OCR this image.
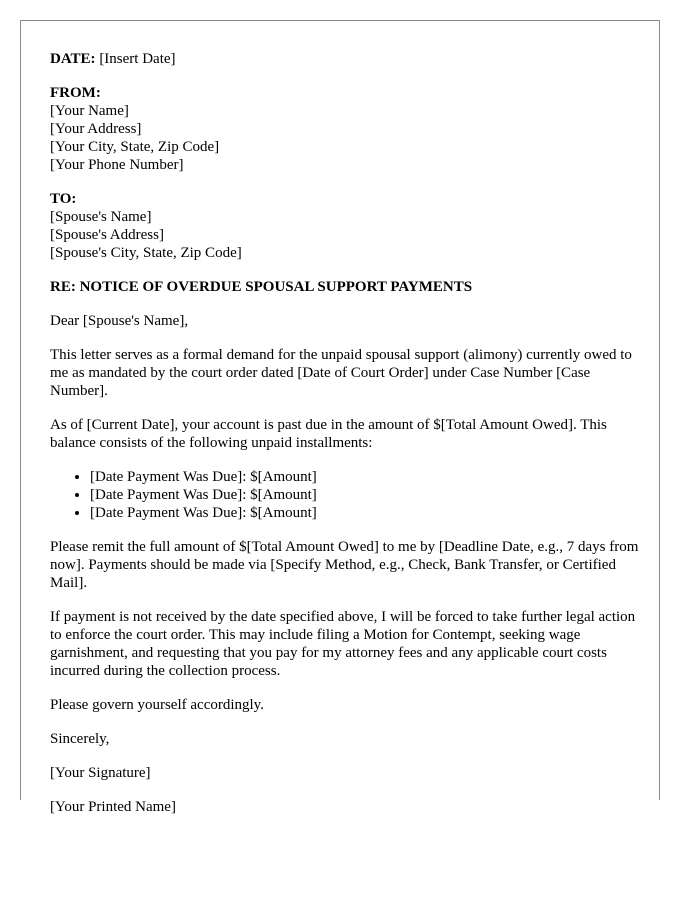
DATE: [Insert Date]
FROM:
[Your Name]
[Your Address]
[Your City, State, Zip Code]
[Your Phone Number]
TO:
[Spouse's Name]
[Spouse's Address]
[Spouse's City, State, Zip Code]

RE: NOTICE OF OVERDUE SPOUSAL SUPPORT PAYMENTS

Dear [Spouse's Name],

This letter serves as a formal demand for the unpaid spousal support (alimony) currently owed to me as mandated by the court order dated [Date of Court Order] under Case Number [Case Number].

As of [Current Date], your account is past due in the amount of $[Total Amount Owed]. This balance consists of the following unpaid installments:

• [Date Payment Was Due]: $[Amount]
• [Date Payment Was Due]: $[Amount]
• [Date Payment Was Due]: $[Amount]

Please remit the full amount of $[Total Amount Owed] to me by [Deadline Date, e.g., 7 days from now]. Payments should be made via [Specify Method, e.g., Check, Bank Transfer, or Certified Mail].

If payment is not received by the date specified above, I will be forced to take further legal action to enforce the court order. This may include filing a Motion for Contempt, seeking wage garnishment, and requesting that you pay for my attorney fees and any applicable court costs incurred during the collection process.

Please govern yourself accordingly.

Sincerely,

[Your Signature]

[Your Printed Name]
